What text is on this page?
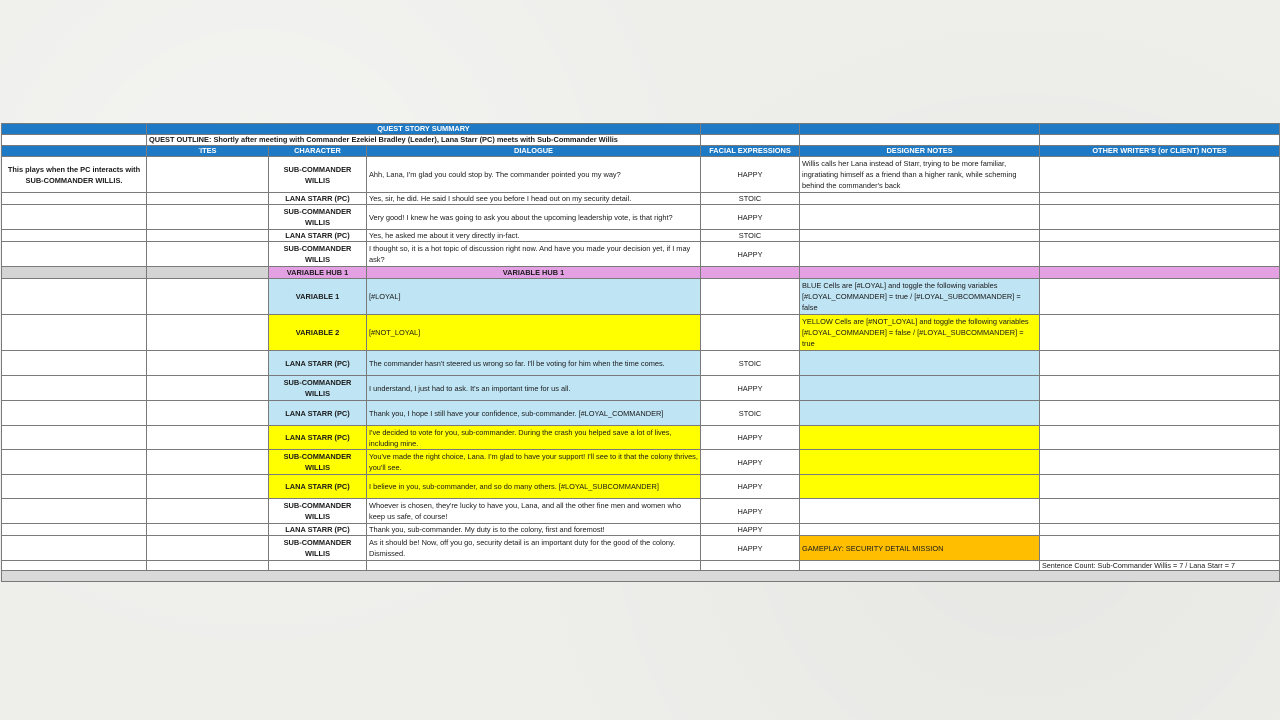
	QUEST STORY SUMMARY					
	QUEST OUTLINE: Shortly after meeting with Commander Ezekiel Bradley (Leader), Lana Starr (PC) meets with Sub-Commander Willis					
	ΊTES	CHARACTER	DIALOGUE	FACIAL EXPRESSIONS	DESIGNER NOTES	OTHER WRITER'S (or CLIENT) NOTES
This plays when the PC interacts with SUB-COMMANDER WILLIS.		SUB-COMMANDER WILLIS	Ahh, Lana, I'm glad you could stop by. The commander pointed you my way?	HAPPY	Willis calls her Lana instead of Starr, trying to be more familiar, ingratiating himself as a friend than a higher rank, while scheming behind the commander's back	
		LANA STARR (PC)	Yes, sir, he did. He said I should see you before I head out on my security detail.	STOIC		
		SUB-COMMANDER WILLIS	Very good! I knew he was going to ask you about the upcoming leadership vote, is that right?	HAPPY		
		LANA STARR (PC)	Yes, he asked me about it very directly in-fact.	STOIC		
		SUB-COMMANDER WILLIS	I thought so, it is a hot topic of discussion right now. And have you made your decision yet, if I may ask?	HAPPY		
		VARIABLE HUB 1	VARIABLE HUB 1			
		VARIABLE 1	[#LOYAL]		BLUE Cells are [#LOYAL] and toggle the following variables [#LOYAL_COMMANDER] = true / [#LOYAL_SUBCOMMANDER] = false	
		VARIABLE 2	[#NOT_LOYAL]		YELLOW Cells are [#NOT_LOYAL] and toggle the following variables [#LOYAL_COMMANDER] = false / [#LOYAL_SUBCOMMANDER] = true	
		LANA STARR (PC)	The commander hasn't steered us wrong so far. I'll be voting for him when the time comes.	STOIC		
		SUB-COMMANDER WILLIS	I understand, I just had to ask. It's an important time for us all.	HAPPY		
		LANA STARR (PC)	Thank you, I hope I still have your confidence, sub-commander. [#LOYAL_COMMANDER]	STOIC		
		LANA STARR (PC)	I've decided to vote for you, sub-commander. During the crash you helped save a lot of lives, including mine.	HAPPY		
		SUB-COMMANDER WILLIS	You've made the right choice, Lana. I'm glad to have your support! I'll see to it that the colony thrives, you'll see.	HAPPY		
		LANA STARR (PC)	I believe in you, sub-commander, and so do many others. [#LOYAL_SUBCOMMANDER]	HAPPY		
		SUB-COMMANDER WILLIS	Whoever is chosen, they're lucky to have you, Lana, and all the other fine men and women who keep us safe, of course!	HAPPY		
		LANA STARR (PC)	Thank you, sub-commander. My duty is to the colony, first and foremost!	HAPPY		
		SUB-COMMANDER WILLIS	As it should be! Now, off you go, security detail is an important duty for the good of the colony. Dismissed.	HAPPY	GAMEPLAY: SECURITY DETAIL MISSION	
						Sentence Count: Sub-Commander Willis = 7 / Lana Starr = 7
